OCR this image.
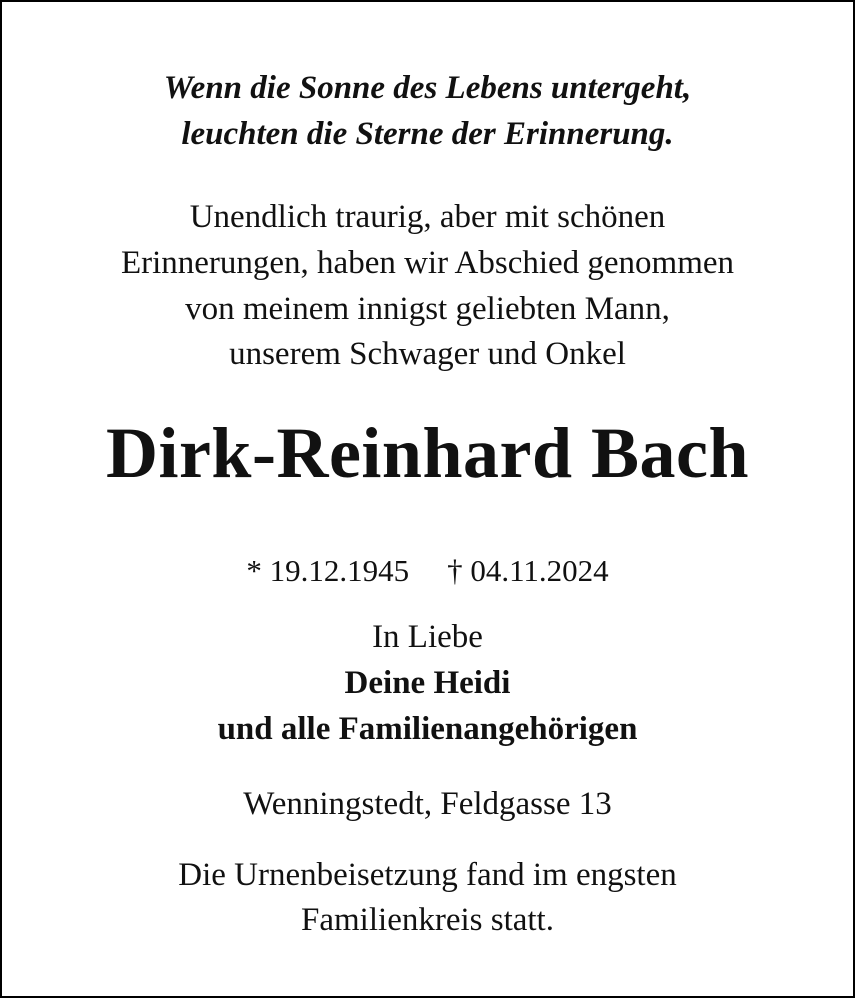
Wenn die Sonne des Lebens untergeht,
leuchten die Sterne der Erinnerung.
Unendlich traurig, aber mit schönen
Erinnerungen, haben wir Abschied genommen
von meinem innigst geliebten Mann,
unserem Schwager und Onkel
Dirk-Reinhard Bach
* 19.12.1945 † 04.11.2024
In Liebe
Deine Heidi
und alle Familienangehörigen
Wenningstedt, Feldgasse 13
Die Urnenbeisetzung fand im engsten
Familienkreis statt.
